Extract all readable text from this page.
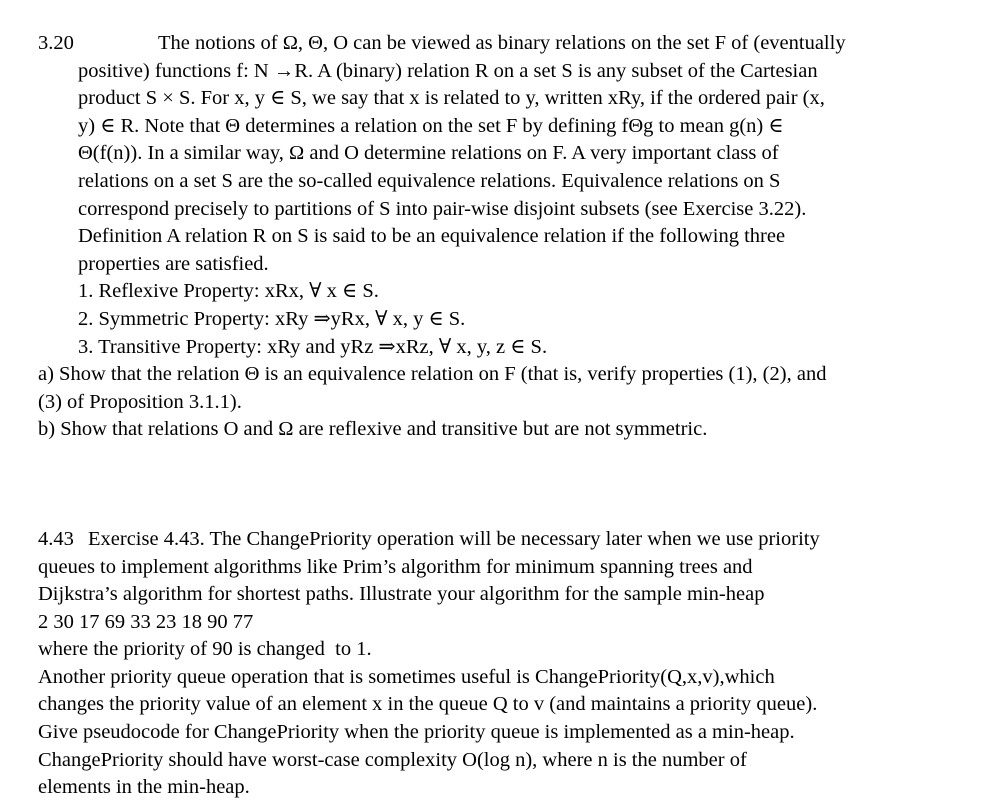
3.20	The notions of Ω, Θ, O can be viewed as binary relations on the set F of (eventually
positive) functions f: N →R. A (binary) relation R on a set S is any subset of the Cartesian
product S × S. For x, y ∈ S, we say that x is related to y, written xRy, if the ordered pair (x,
y) ∈ R. Note that Θ determines a relation on the set F by defining fΘg to mean g(n) ∈
Θ(f(n)). In a similar way, Ω and O determine relations on F. A very important class of
relations on a set S are the so-called equivalence relations. Equivalence relations on S
correspond precisely to partitions of S into pair-wise disjoint subsets (see Exercise 3.22).
Definition A relation R on S is said to be an equivalence relation if the following three
properties are satisfied.
1. Reflexive Property: xRx, ∀ x ∈ S.
2. Symmetric Property: xRy ⇒yRx, ∀ x, y ∈ S.
3. Transitive Property: xRy and yRz ⇒xRz, ∀ x, y, z ∈ S.
a) Show that the relation Θ is an equivalence relation on F (that is, verify properties (1), (2), and
(3) of Proposition 3.1.1).
b) Show that relations O and Ω are reflexive and transitive but are not symmetric.
4.43 Exercise 4.43. The ChangePriority operation will be necessary later when we use priority
queues to implement algorithms like Prim’s algorithm for minimum spanning trees and
Dijkstra’s algorithm for shortest paths. Illustrate your algorithm for the sample min-heap
2 30 17 69 33 23 18 90 77
where the priority of 90 is changed  to 1.
Another priority queue operation that is sometimes useful is ChangePriority(Q,x,v),which
changes the priority value of an element x in the queue Q to v (and maintains a priority queue).
Give pseudocode for ChangePriority when the priority queue is implemented as a min-heap.
ChangePriority should have worst-case complexity O(log n), where n is the number of
elements in the min-heap.
